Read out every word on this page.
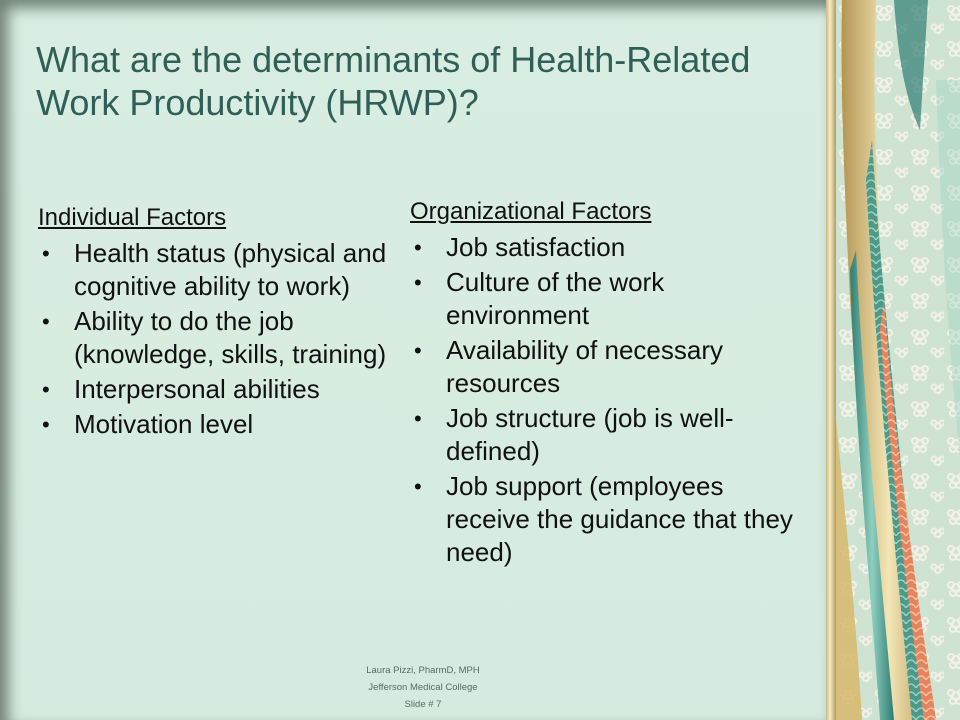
What are the determinants of Health-Related Work Productivity (HRWP)?
Individual Factors
• Health status (physical and cognitive ability to work)
• Ability to do the job (knowledge, skills, training)
• Interpersonal abilities
• Motivation level
Organizational Factors
• Job satisfaction
• Culture of the work environment
• Availability of necessary resources
• Job structure (job is well-defined)
• Job support (employees receive the guidance that they need)
Laura Pizzi, PharmD, MPH
Jefferson Medical College
Slide # 7
